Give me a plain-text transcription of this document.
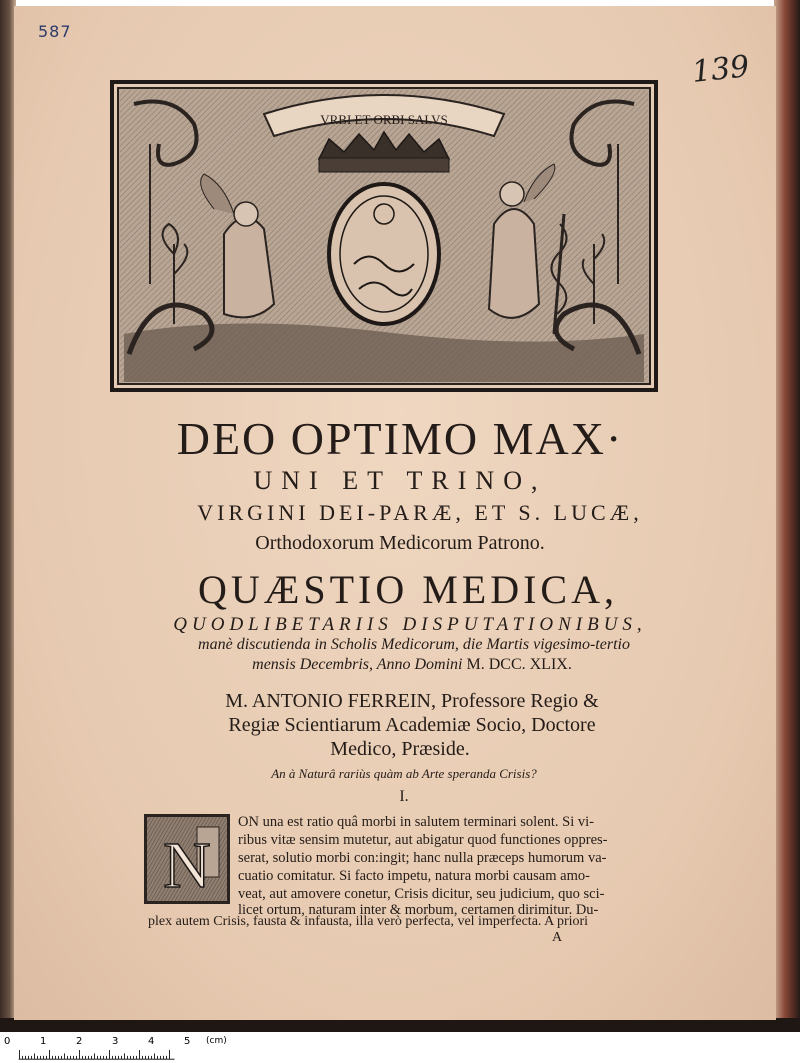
587
139
VRBI ET ORBI SALVS
DEO OPTIMO MAX·
UNI ET TRINO,
VIRGINI DEI-PARÆ, ET S. LUCÆ,
Orthodoxorum Medicorum Patrono.
QUÆSTIO MEDICA,
QUODLIBETARIIS DISPUTATIONIBUS,
manè discutienda in Scholis Medicorum, die Martis vigesimo-tertio
mensis Decembris, Anno Domini M. DCC. XLIX.
M. ANTONIO FERREIN, Professore Regio &
Regiæ Scientiarum Academiæ Socio, Doctore
Medico, Præside.
An à Naturâ rariùs quàm ab Arte speranda Crisis?
I.
N
ON una est ratio quâ morbi in salutem terminari solent. Si vi-
ribus vitæ sensim mutetur, aut abigatur quod functiones oppres-
serat, solutio morbi con:ingit; hanc nulla præceps humorum va-
cuatio comitatur. Si facto impetu, natura morbi causam amo-
veat, aut amovere conetur, Crisis dicitur, seu judicium, quo sci-
licet ortum, naturam inter & morbum, certamen dirimitur. Du-
plex autem Crisis, fausta & infausta, illa verò perfecta, vel imperfecta. A priori
A
0	1	2	3	4	5 (cm)
